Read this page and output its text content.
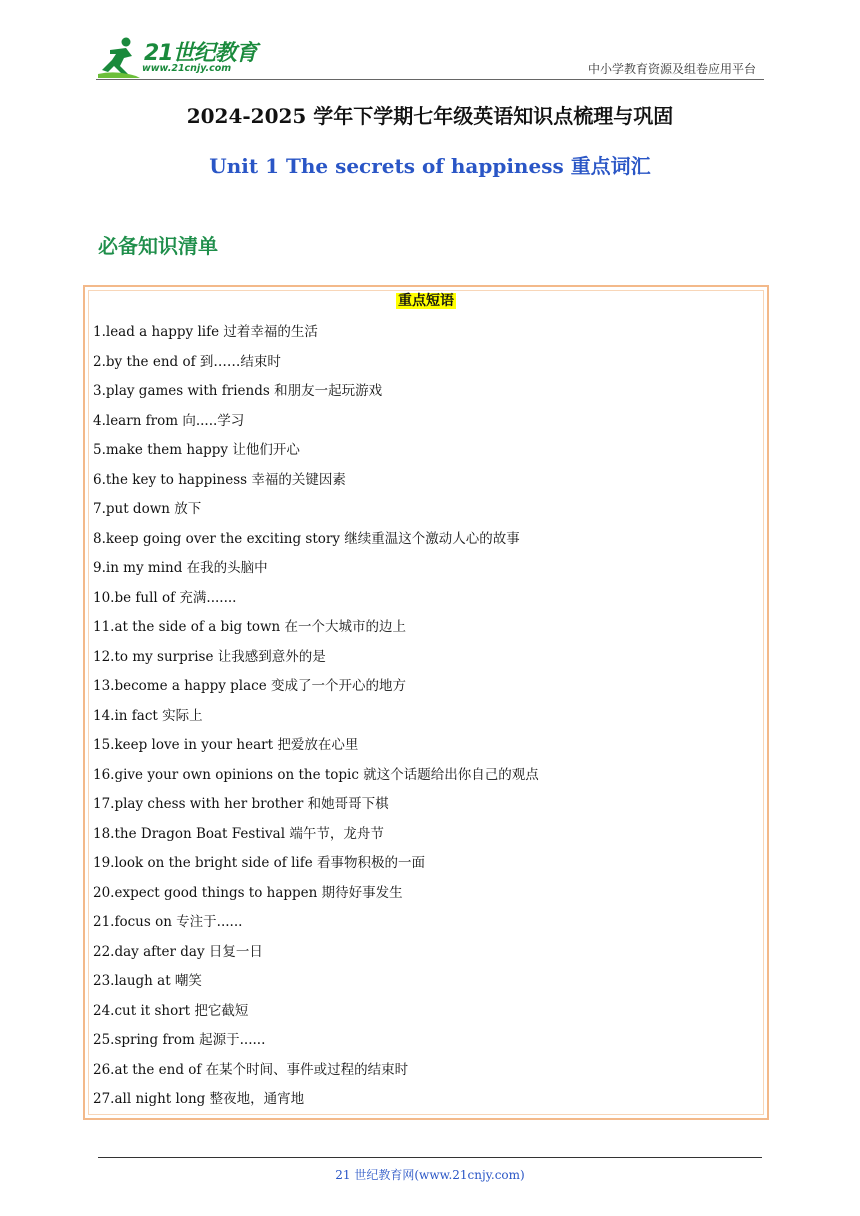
21世纪教育
www.21cnjy.com	中小学教育资源及组卷应用平台
2024-2025 学年下学期七年级英语知识点梳理与巩固
Unit 1 The secrets of happiness 重点词汇
必备知识清单
重点短语
1.lead a happy life 过着幸福的生活
2.by the end of 到……结束时
3.play games with friends 和朋友一起玩游戏
4.learn from 向.....学习
5.make them happy 让他们开心
6.the key to happiness 幸福的关键因素
7.put down 放下
8.keep going over the exciting story 继续重温这个激动人心的故事
9.in my mind 在我的头脑中
10.be full of 充满.......
11.at the side of a big town 在一个大城市的边上
12.to my surprise 让我感到意外的是
13.become a happy place 变成了一个开心的地方
14.in fact 实际上
15.keep love in your heart 把爱放在心里
16.give your own opinions on the topic 就这个话题给出你自己的观点
17.play chess with her brother 和她哥哥下棋
18.the Dragon Boat Festival 端午节，龙舟节
19.look on the bright side of life 看事物积极的一面
20.expect good things to happen 期待好事发生
21.focus on 专注于......
22.day after day 日复一日
23.laugh at 嘲笑
24.cut it short 把它截短
25.spring from 起源于......
26.at the end of 在某个时间、事件或过程的结束时
27.all night long 整夜地，通宵地
21 世纪教育网(www.21cnjy.com)
